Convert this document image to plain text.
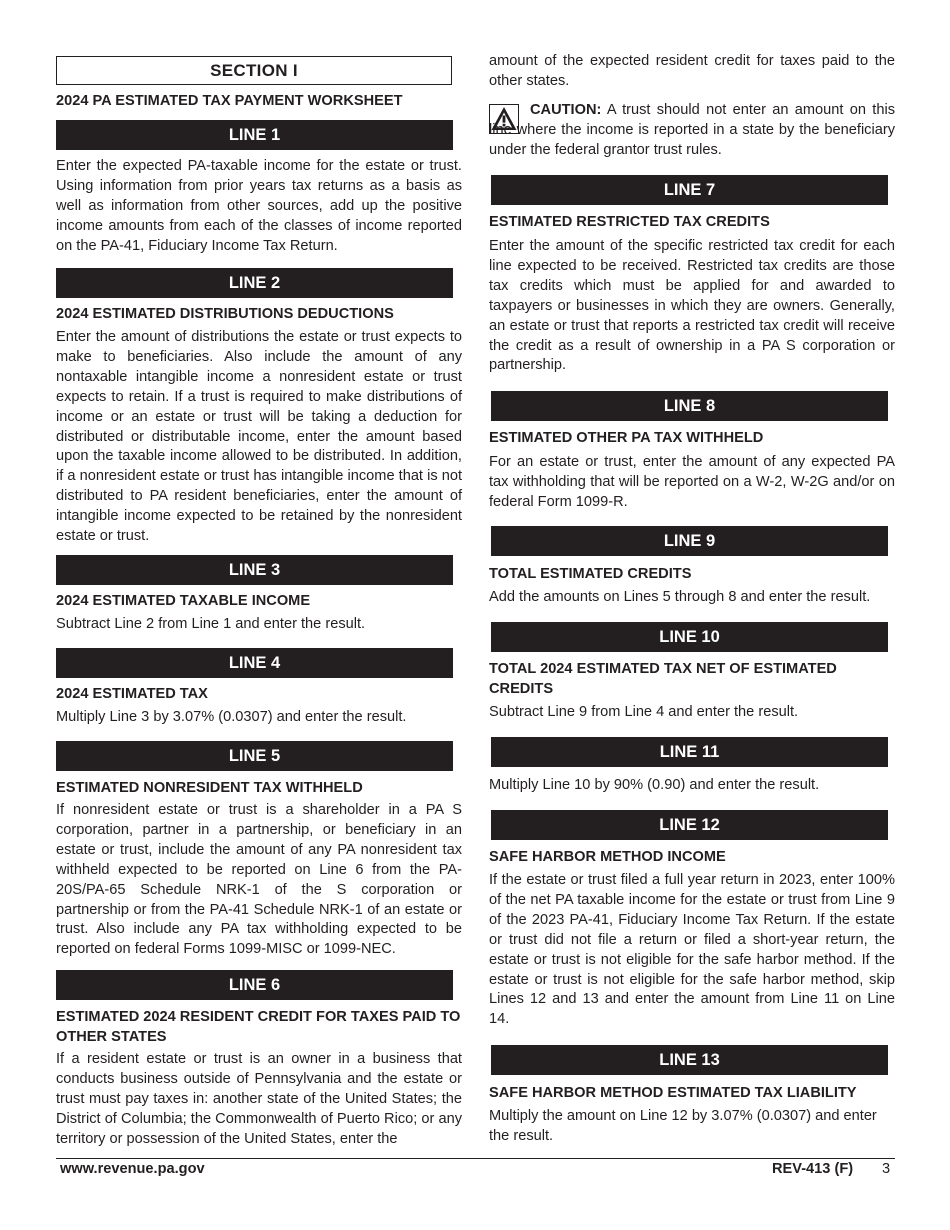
SECTION I
2024 PA ESTIMATED TAX PAYMENT WORKSHEET
LINE 1

Enter the expected PA-taxable income for the estate or trust. Using information from prior years tax returns as a basis as well as information from other sources, add up the positive income amounts from each of the classes of income reported on the PA-41, Fiduciary Income Tax Return.

LINE 2
2024 ESTIMATED DISTRIBUTIONS DEDUCTIONS

Enter the amount of distributions the estate or trust expects to make to beneficiaries. Also include the amount of any nontaxable intangible income a nonresident estate or trust expects to retain. If a trust is required to make distributions of income or an estate or trust will be taking a deduction for distributed or distributable income, enter the amount based upon the taxable income allowed to be distributed. In addition, if a nonresident estate or trust has intangible income that is not distributed to PA resident beneficiaries, enter the amount of intangible income expected to be retained by the nonresident estate or trust.

LINE 3
2024 ESTIMATED TAXABLE INCOME

Subtract Line 2 from Line 1 and enter the result.

LINE 4
2024 ESTIMATED TAX

Multiply Line 3 by 3.07% (0.0307) and enter the result.

LINE 5
ESTIMATED NONRESIDENT TAX WITHHELD

If nonresident estate or trust is a shareholder in a PA S corporation, partner in a partnership, or beneficiary in an estate or trust, include the amount of any PA nonresident tax withheld expected to be reported on Line 6 from the PA-20S/PA-65 Schedule NRK-1 of the S corporation or partnership or from the PA-41 Schedule NRK-1 of an estate or trust. Also include any PA tax withholding expected to be reported on federal Forms 1099-MISC or 1099-NEC.

LINE 6
ESTIMATED 2024 RESIDENT CREDIT FOR TAXES PAID TO OTHER STATES

If a resident estate or trust is an owner in a business that conducts business outside of Pennsylvania and the estate or trust must pay taxes in: another state of the United States; the District of Columbia; the Commonwealth of Puerto Rico; or any territory or possession of the United States, enter the

amount of the expected resident credit for taxes paid to the other states.

CAUTION: A trust should not enter an amount on this line where the income is reported in a state by the beneficiary under the federal grantor trust rules.

LINE 7
ESTIMATED RESTRICTED TAX CREDITS

Enter the amount of the specific restricted tax credit for each line expected to be received. Restricted tax credits are those tax credits which must be applied for and awarded to taxpayers or businesses in which they are owners. Generally, an estate or trust that reports a restricted tax credit will receive the credit as a result of ownership in a PA S corporation or partnership.

LINE 8
ESTIMATED OTHER PA TAX WITHHELD

For an estate or trust, enter the amount of any expected PA tax withholding that will be reported on a W-2, W-2G and/or on federal Form 1099-R.

LINE 9
TOTAL ESTIMATED CREDITS

Add the amounts on Lines 5 through 8 and enter the result.

LINE 10
TOTAL 2024 ESTIMATED TAX NET OF ESTIMATED CREDITS

Subtract Line 9 from Line 4 and enter the result.

LINE 11

Multiply Line 10 by 90% (0.90) and enter the result.

LINE 12
SAFE HARBOR METHOD INCOME

If the estate or trust filed a full year return in 2023, enter 100% of the net PA taxable income for the estate or trust from Line 9 of the 2023 PA-41, Fiduciary Income Tax Return. If the estate or trust did not file a return or filed a short-year return, the estate or trust is not eligible for the safe harbor method. If the estate or trust is not eligible for the safe harbor method, skip Lines 12 and 13 and enter the amount from Line 11 on Line 14.

LINE 13
SAFE HARBOR METHOD ESTIMATED TAX LIABILITY

Multiply the amount on Line 12 by 3.07% (0.0307) and enter the result.

www.revenue.pa.gov	REV-413 (F) 3
